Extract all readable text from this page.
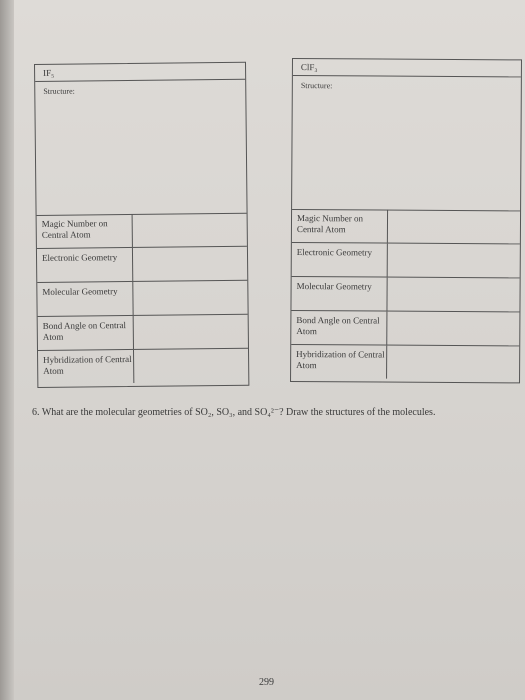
IF₅
Structure:
Magic Number on Central Atom
Electronic Geometry
Molecular Geometry
Bond Angle on Central Atom
Hybridization of Central Atom
ClF₃
Structure:
Magic Number on Central Atom
Electronic Geometry
Molecular Geometry
Bond Angle on Central Atom
Hybridization of Central Atom
6. What are the molecular geometries of SO₂, SO₃, and SO₄²⁻? Draw the structures of the molecules.
299
